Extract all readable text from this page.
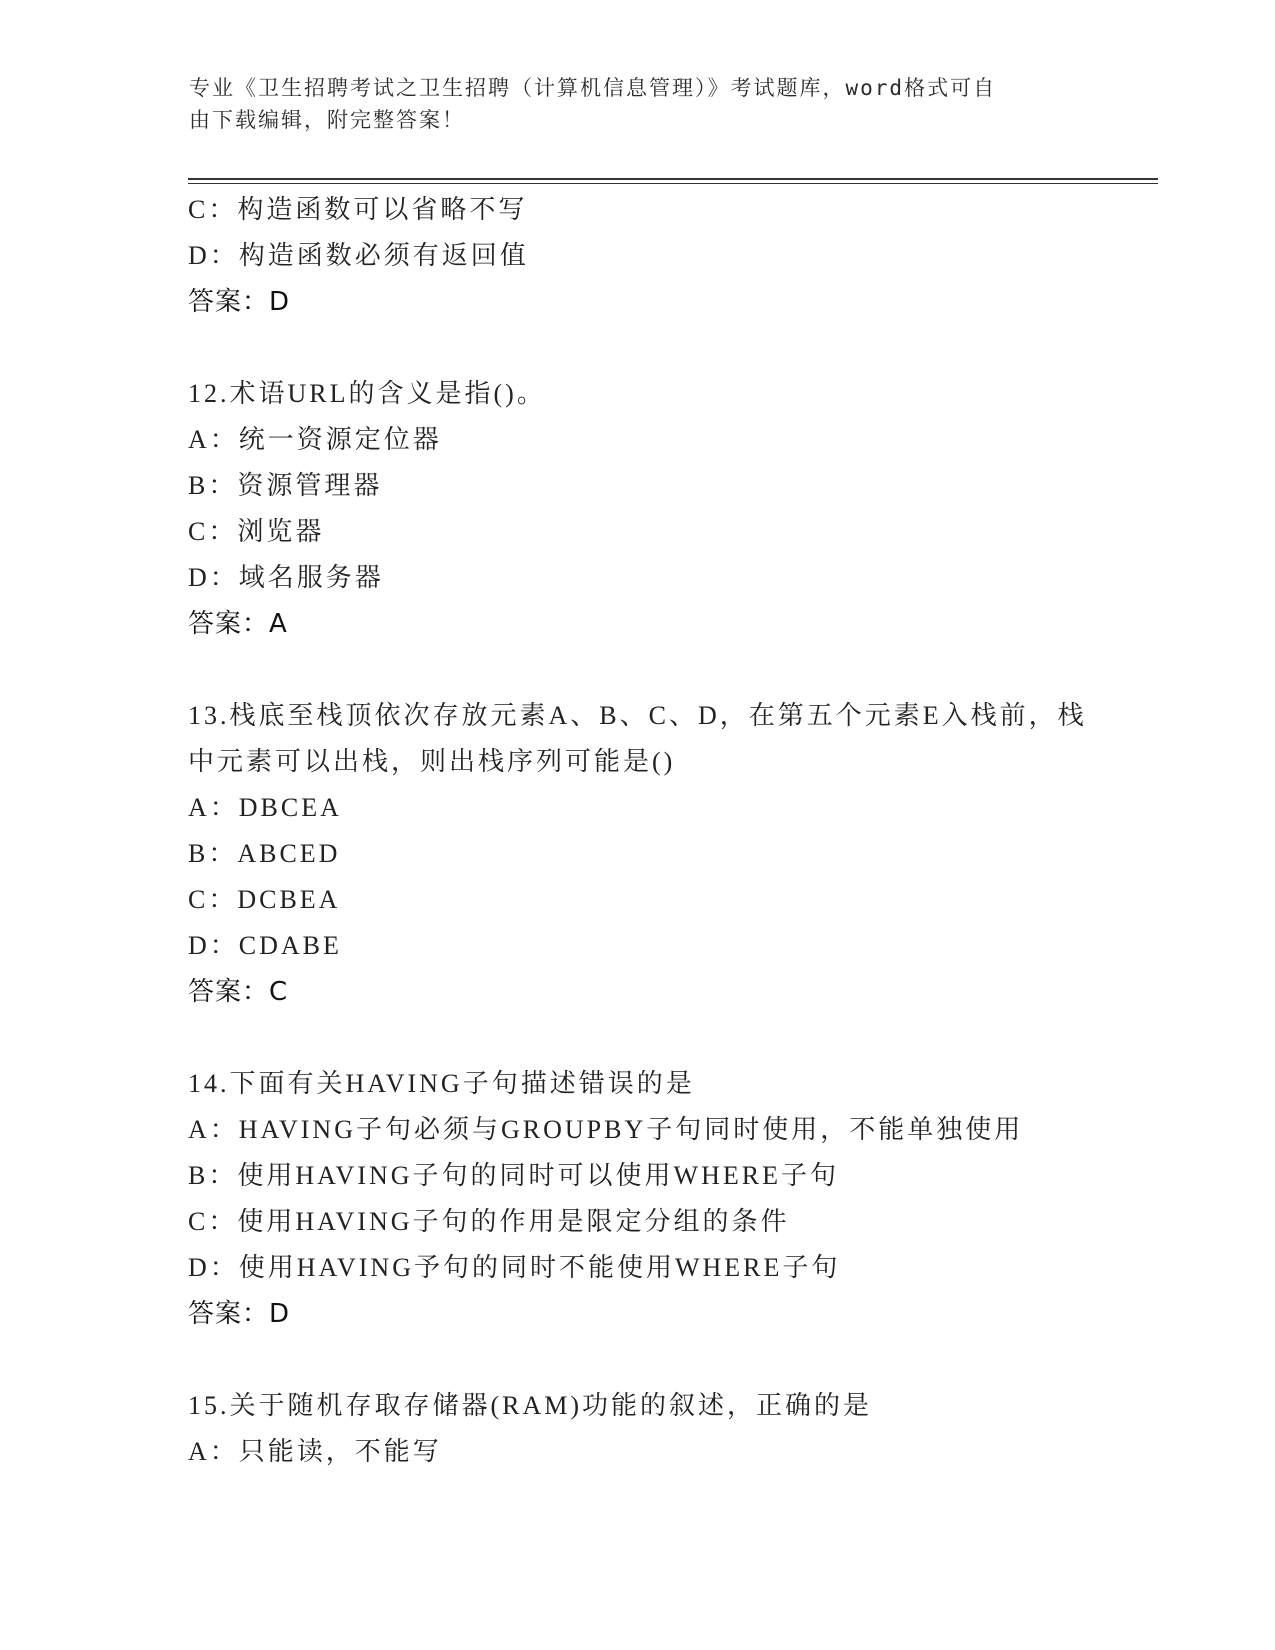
专业《卫生招聘考试之卫生招聘（计算机信息管理）》考试题库，word格式可自
由下载编辑，附完整答案！
C：构造函数可以省略不写
D：构造函数必须有返回值
答案：D
12.术语URL的含义是指()。
A：统一资源定位器
B：资源管理器
C：浏览器
D：域名服务器
答案：A
13.栈底至栈顶依次存放元素A、B、C、D，在第五个元素E入栈前，栈
中元素可以出栈，则出栈序列可能是()
A：DBCEA
B：ABCED
C：DCBEA
D：CDABE
答案：C
14.下面有关HAVING子句描述错误的是
A：HAVING子句必须与GROUPBY子句同时使用，不能单独使用
B：使用HAVING子句的同时可以使用WHERE子句
C：使用HAVING子句的作用是限定分组的条件
D：使用HAVING予句的同时不能使用WHERE子句
答案：D
15.关于随机存取存储器(RAM)功能的叙述，正确的是
A：只能读，不能写
